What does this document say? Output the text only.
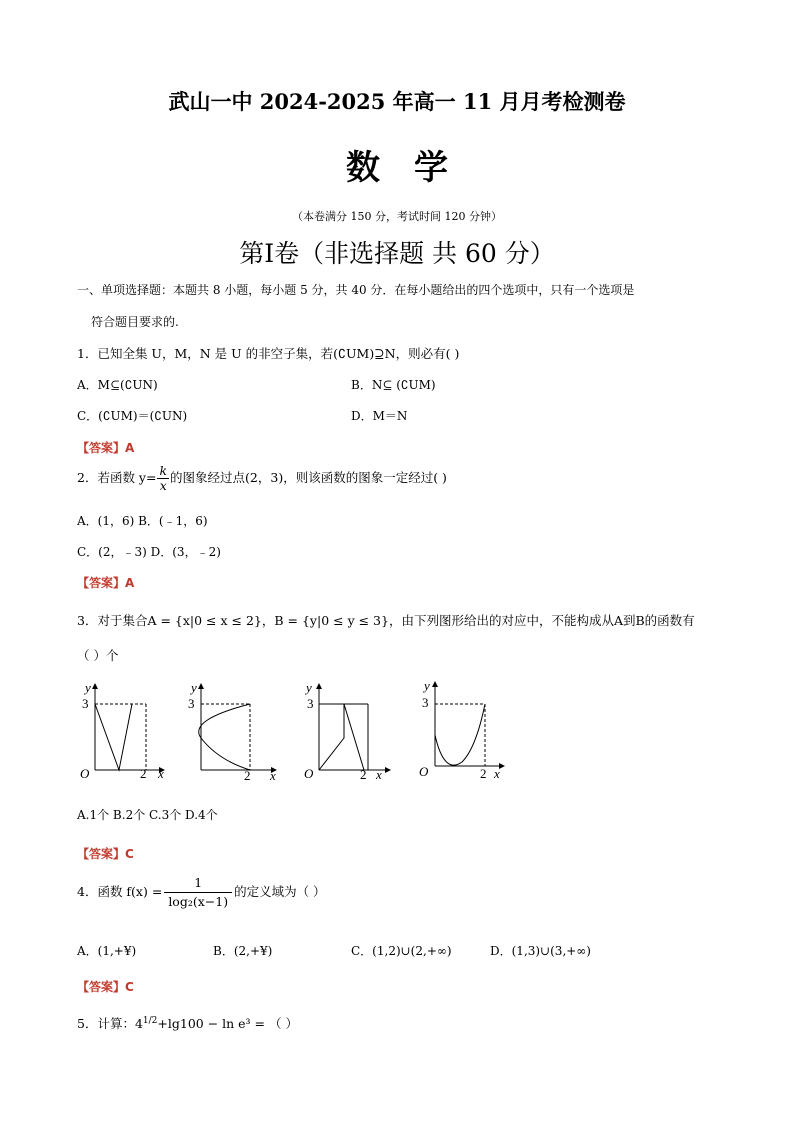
武山一中 2024-2025 年高一 11 月月考检测卷
数学
（本卷满分 150 分，考试时间 120 分钟）
第Ⅰ卷（非选择题 共 60 分）
一、单项选择题：本题共 8 小题，每小题 5 分，共 40 分．在每小题给出的四个选项中，只有一个选项是
符合题目要求的.
1．已知全集 U，M，N 是 U 的非空子集，若(∁UM)⊇N，则必有( )
A．M⊆(∁UN)	B．N⊆ (∁UM)
C．(∁UM)＝(∁UN)	D．M＝N
【答案】A
2．若函数 $y= \frac{k}{x}$ 的图象经过点(2，3)，则该函数的图象一定经过( )
A．(1，6) B．(﹣1，6)
C．(2，﹣3) D．(3，﹣2)
【答案】A
3．对于集合A = {x|0 ≤ x ≤ 2}，B = {y|0 ≤ y ≤ 3}，由下列图形给出的对应中，不能构成从A到B的函数有
（ ）个
y
3
O	2 x
y
3
2 x
y
3
O	2 x
y
3
O	2 x
A.1个 B.2个 C.3个 D.4个
【答案】C
4．函数 $f(x) = \frac{1}{\text{log₂(x−1)}}$ 的定义域为（ ）
A．(1,+¥)	B．(2,+¥)	C．(1,2)∪(2,+∞)	D．(1,3)∪(3,+∞)
【答案】C
5．计算：$4^{1/2}+\lg 100 - \ln e^3$ = （ ）
